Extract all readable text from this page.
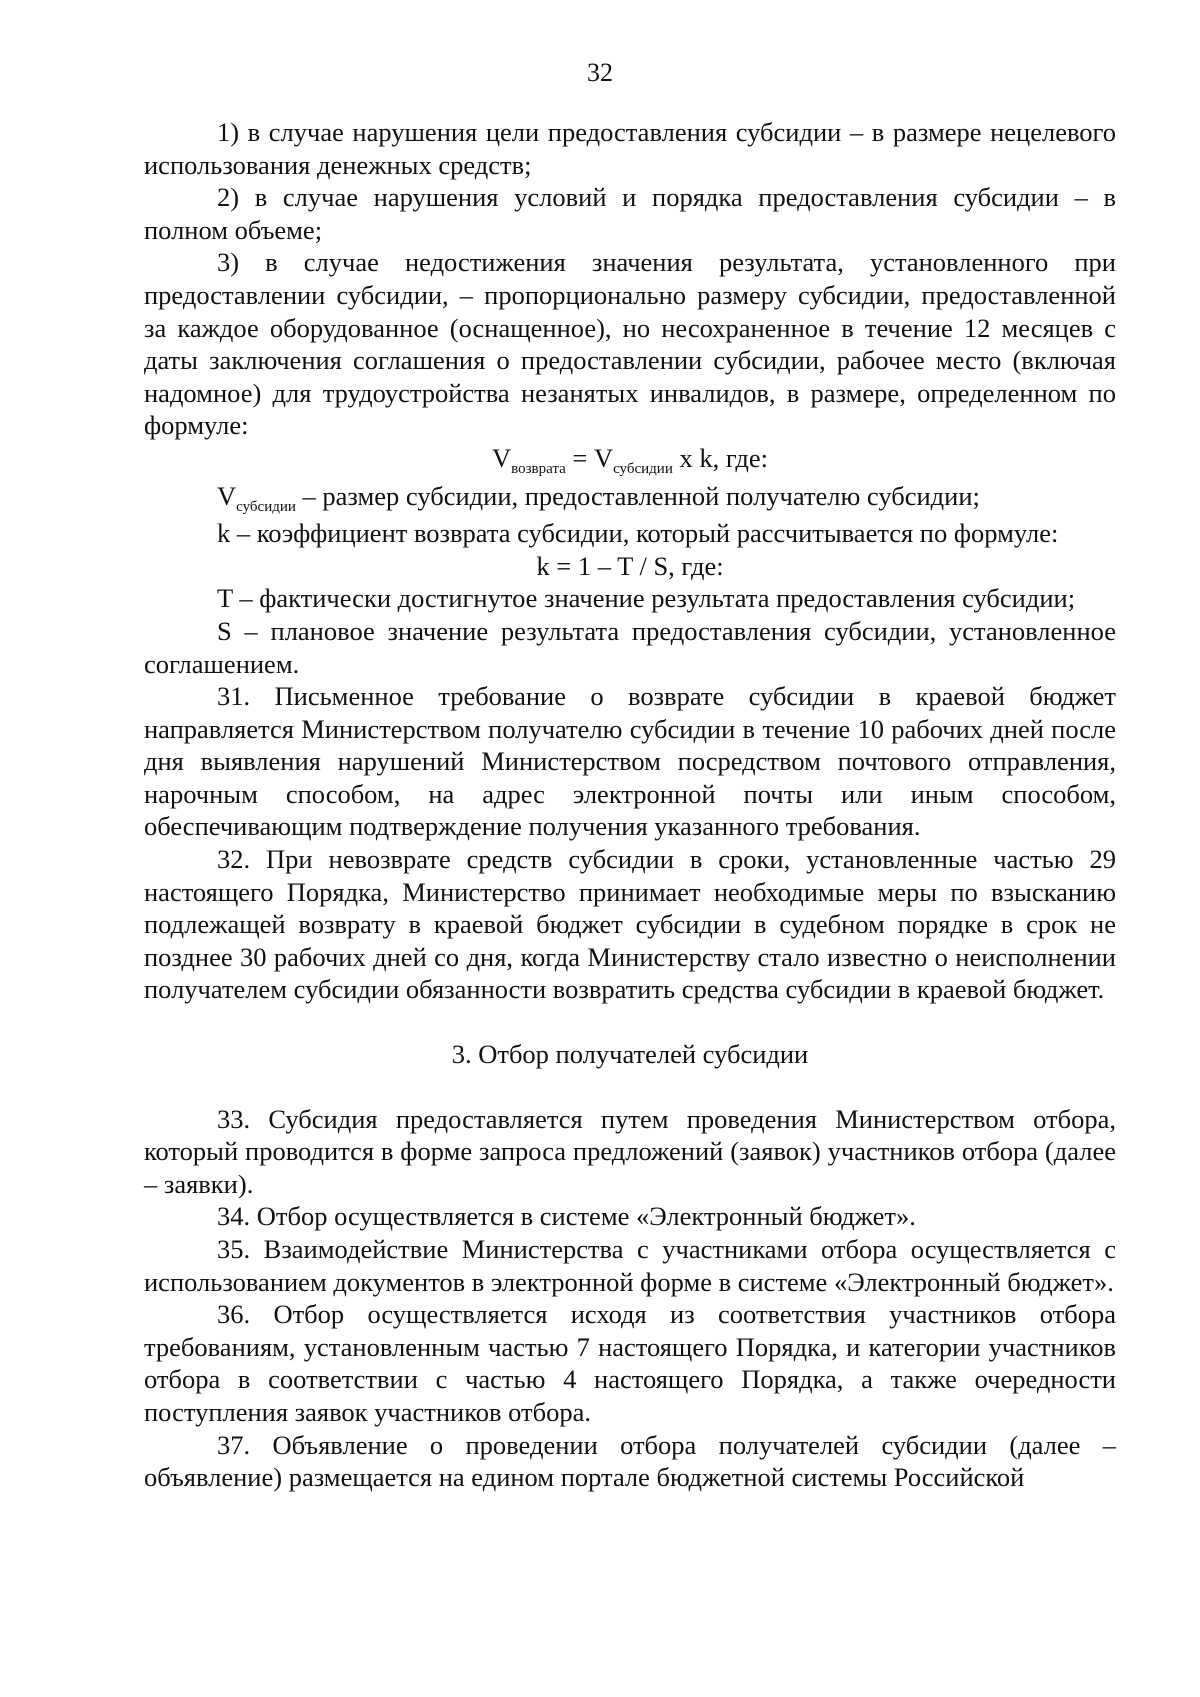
32

1) в случае нарушения цели предоставления субсидии – в размере нецелевого использования денежных средств;

2) в случае нарушения условий и порядка предоставления субсидии – в полном объеме;

3) в случае недостижения значения результата, установленного при предоставлении субсидии, – пропорционально размеру субсидии, предоставленной за каждое оборудованное (оснащенное), но несохраненное в течение 12 месяцев с даты заключения соглашения о предоставлении субсидии, рабочее место (включая надомное) для трудоустройства незанятых инвалидов, в размере, определенном по формуле:

$V_{возврата} = V_{субсидии}$ x k, где:

$V_{субсидии}$ – размер субсидии, предоставленной получателю субсидии;

k – коэффициент возврата субсидии, который рассчитывается по формуле:

k = 1 – T / S, где:

T – фактически достигнутое значение результата предоставления субсидии;

S – плановое значение результата предоставления субсидии, установленное соглашением.

31. Письменное требование о возврате субсидии в краевой бюджет направляется Министерством получателю субсидии в течение 10 рабочих дней после дня выявления нарушений Министерством посредством почтового отправления, нарочным способом, на адрес электронной почты или иным способом, обеспечивающим подтверждение получения указанного требования.

32. При невозврате средств субсидии в сроки, установленные частью 29 настоящего Порядка, Министерство принимает необходимые меры по взысканию подлежащей возврату в краевой бюджет субсидии в судебном порядке в срок не позднее 30 рабочих дней со дня, когда Министерству стало известно о неисполнении получателем субсидии обязанности возвратить средства субсидии в краевой бюджет.

3. Отбор получателей субсидии

33. Субсидия предоставляется путем проведения Министерством отбора, который проводится в форме запроса предложений (заявок) участников отбора (далее – заявки).

34. Отбор осуществляется в системе «Электронный бюджет».

35. Взаимодействие Министерства с участниками отбора осуществляется с использованием документов в электронной форме в системе «Электронный бюджет».

36. Отбор осуществляется исходя из соответствия участников отбора требованиям, установленным частью 7 настоящего Порядка, и категории участников отбора в соответствии с частью 4 настоящего Порядка, а также очередности поступления заявок участников отбора.

37. Объявление о проведении отбора получателей субсидии (далее – объявление) размещается на едином портале бюджетной системы Российской
